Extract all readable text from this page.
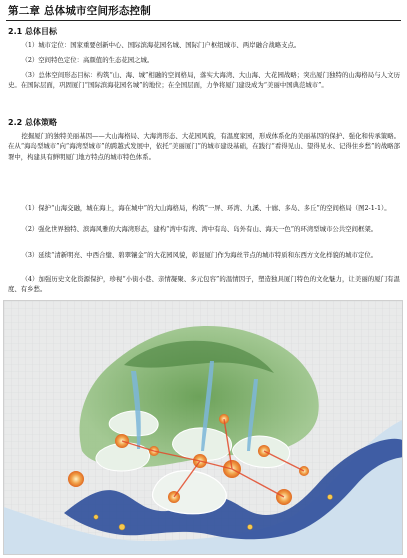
第二章 总体城市空间形态控制
2.1 总体目标
（1）城市定位：国家重要创新中心、国际滨海花园名城、国际门户枢纽城市、两岸融合战略支点。
（2）空间特色定位：高颜值的生态花园之城。
（3）总体空间形态目标：构筑“山、海、城”相融的空间格局，落实大海湾、大山海、大花园战略；突出厦门独特的山海格局与人文历史。在国际层面，巩固厦门“国际滨海花园名城”的地位；在全国层面，力争将厦门建设成为“美丽中国典范城市”。
2.2 总体策略
挖掘厦门的独特美丽基因——大山海格局、大海湾形态、大花园风貌，有温度家园，形成体系化的美丽基因的保护、强化和传承策略。在从“海岛型城市”向“海湾型城市”的跨越式发展中，依托“美丽厦门”的城市建设基础，在践行“看得见山、望得见水、记得住乡愁”的战略部署中，构建具有鲜明厦门地方特点的城市特色体系。
（1）保护“山海交融，城在海上，海在城中”的大山海格局，构筑“一屏、环湾、九溪、十廊、多岛、多丘”的空间格局（图2-1-1）。
（2）强化世界独特、滨海风雅的大海湾形态，建构“湾中有湾、湾中有岛、岛外有山、海天一色”的环湾型城市公共空间框架。
（3）延续“清新明亮、中西合璧、碧翠镶金”的大花园风貌，彰显厦门作为海丝节点的城市特质和东西方文化样貌的城市定位。
（4）加强历史文化资源保护，珍视“小街小巷、亲情凝聚、多元包容”的温情因子，塑造独具厦门特色的文化魅力，让美丽的厦门有温度、有乡愁。
